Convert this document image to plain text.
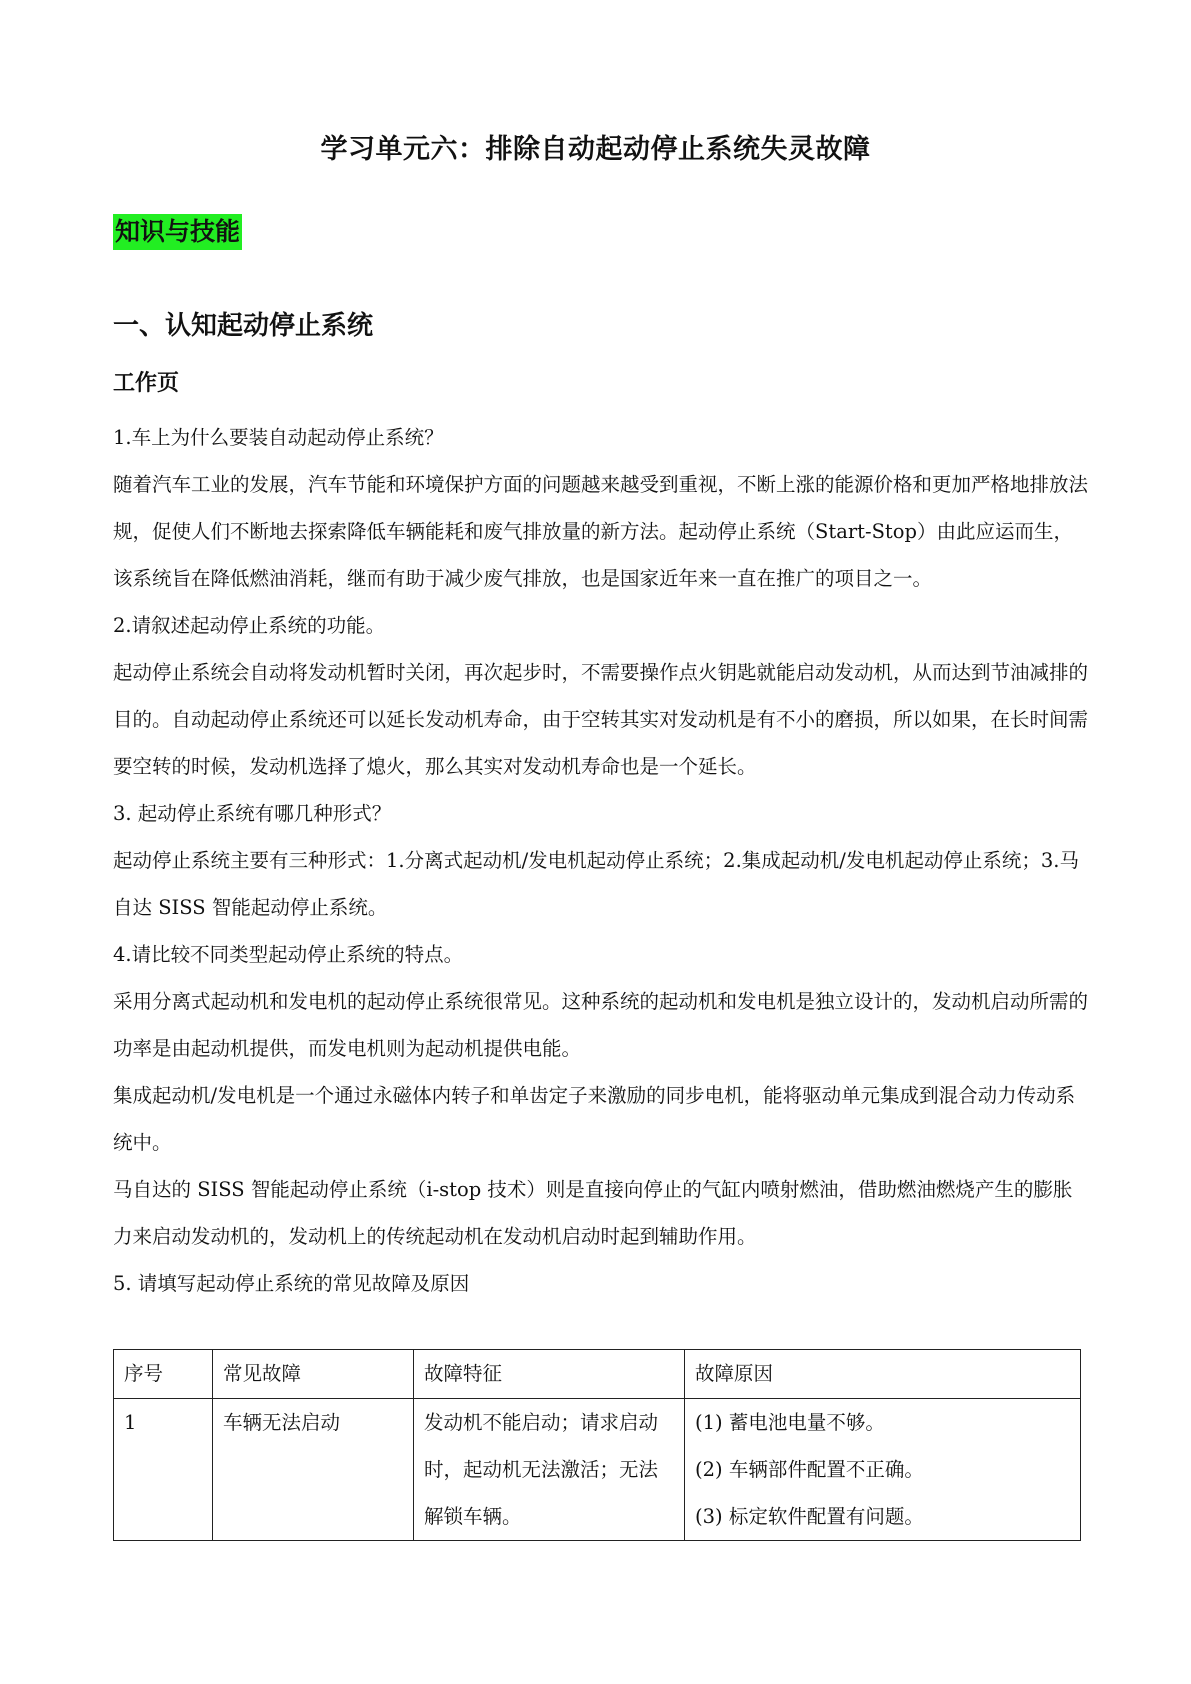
学习单元六：排除自动起动停止系统失灵故障
知识与技能
一、认知起动停止系统
工作页

1.车上为什么要装自动起动停止系统？

随着汽车工业的发展，汽车节能和环境保护方面的问题越来越受到重视，不断上涨的能源价格和更加严格地排放法规，促使人们不断地去探索降低车辆能耗和废气排放量的新方法。起动停止系统（Start-Stop）由此应运而生，该系统旨在降低燃油消耗，继而有助于减少废气排放，也是国家近年来一直在推广的项目之一。

2.请叙述起动停止系统的功能。

起动停止系统会自动将发动机暂时关闭，再次起步时，不需要操作点火钥匙就能启动发动机，从而达到节油减排的目的。自动起动停止系统还可以延长发动机寿命，由于空转其实对发动机是有不小的磨损，所以如果，在长时间需要空转的时候，发动机选择了熄火，那么其实对发动机寿命也是一个延长。

3. 起动停止系统有哪几种形式？

起动停止系统主要有三种形式：1.分离式起动机/发电机起动停止系统；2.集成起动机/发电机起动停止系统；3.马自达 SISS 智能起动停止系统。

4.请比较不同类型起动停止系统的特点。

采用分离式起动机和发电机的起动停止系统很常见。这种系统的起动机和发电机是独立设计的，发动机启动所需的功率是由起动机提供，而发电机则为起动机提供电能。

集成起动机/发电机是一个通过永磁体内转子和单齿定子来激励的同步电机，能将驱动单元集成到混合动力传动系统中。

马自达的 SISS 智能起动停止系统（i-stop 技术）则是直接向停止的气缸内喷射燃油，借助燃油燃烧产生的膨胀力来启动发动机的，发动机上的传统起动机在发动机启动时起到辅助作用。

5. 请填写起动停止系统的常见故障及原因

序号	常见故障	故障特征	故障原因
1	车辆无法启动	发动机不能启动；请求启动时，起动机无法激活；无法解锁车辆。	(1) 蓄电池电量不够。
(2) 车辆部件配置不正确。
(3) 标定软件配置有问题。
